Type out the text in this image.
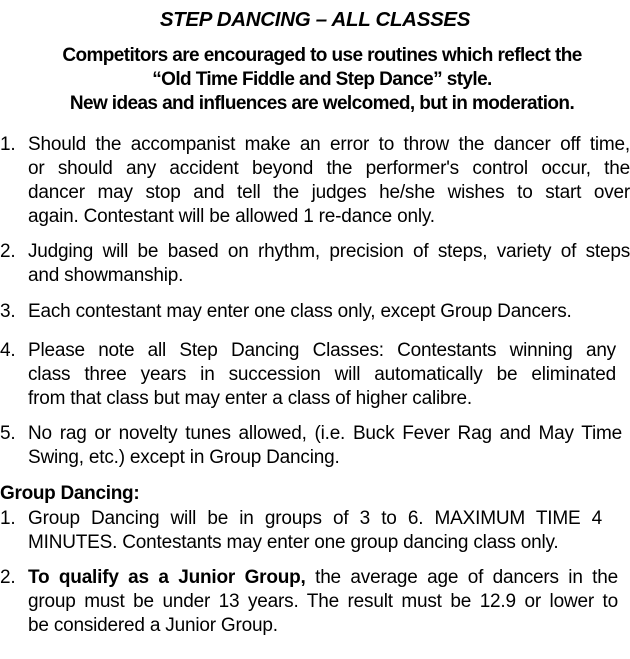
STEP DANCING – ALL CLASSES
Competitors are encouraged to use routines which reflect the
“Old Time Fiddle and Step Dance” style.
New ideas and influences are welcomed, but in moderation.
1. Should the accompanist make an error to throw the dancer off time,
or should any accident beyond the performer's control occur, the
dancer may stop and tell the judges he/she wishes to start over
again. Contestant will be allowed 1 re-dance only.
2. Judging will be based on rhythm, precision of steps, variety of steps
and showmanship.
3. Each contestant may enter one class only, except Group Dancers.
4. Please note all Step Dancing Classes: Contestants winning any
class three years in succession will automatically be eliminated
from that class but may enter a class of higher calibre.
5. No rag or novelty tunes allowed, (i.e. Buck Fever Rag and May Time
Swing, etc.) except in Group Dancing.
Group Dancing:
1. Group Dancing will be in groups of 3 to 6. MAXIMUM TIME 4
MINUTES. Contestants may enter one group dancing class only.
2. To qualify as a Junior Group, the average age of dancers in the
group must be under 13 years. The result must be 12.9 or lower to
be considered a Junior Group.
